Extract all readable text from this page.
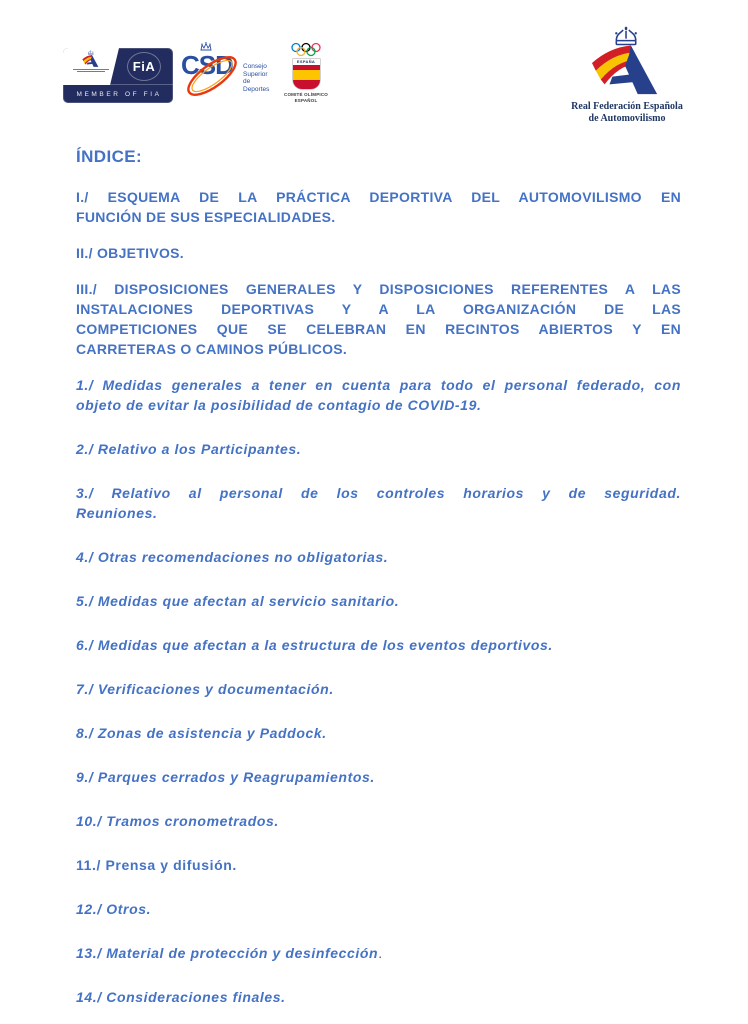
FiA
MEMBER OF FIA
CSD Consejo
Superior de
Deportes
ESPAÑA
COMITÉ OLÍMPICO
ESPAÑOL
Real Federación Española
de Automovilismo
ÍNDICE:
I./ ESQUEMA DE LA PRÁCTICA DEPORTIVA DEL AUTOMOVILISMO EN
FUNCIÓN DE SUS ESPECIALIDADES.
II./ OBJETIVOS.
III./ DISPOSICIONES GENERALES Y DISPOSICIONES REFERENTES A LAS
INSTALACIONES DEPORTIVAS Y A LA ORGANIZACIÓN DE LAS
COMPETICIONES QUE SE CELEBRAN EN RECINTOS ABIERTOS Y EN
CARRETERAS O CAMINOS PÚBLICOS.
1./ Medidas generales a tener en cuenta para todo el personal federado, con
objeto de evitar la posibilidad de contagio de COVID-19.
2./ Relativo a los Participantes.
3./ Relativo al personal de los controles horarios y de seguridad.
Reuniones.
4./ Otras recomendaciones no obligatorias.
5./ Medidas que afectan al servicio sanitario.
6./ Medidas que afectan a la estructura de los eventos deportivos.
7./ Verificaciones y documentación.
8./ Zonas de asistencia y Paddock.
9./ Parques cerrados y Reagrupamientos.
10./ Tramos cronometrados.
11./ Prensa y difusión.
12./ Otros.
13./ Material de protección y desinfección.
14./ Consideraciones finales.
